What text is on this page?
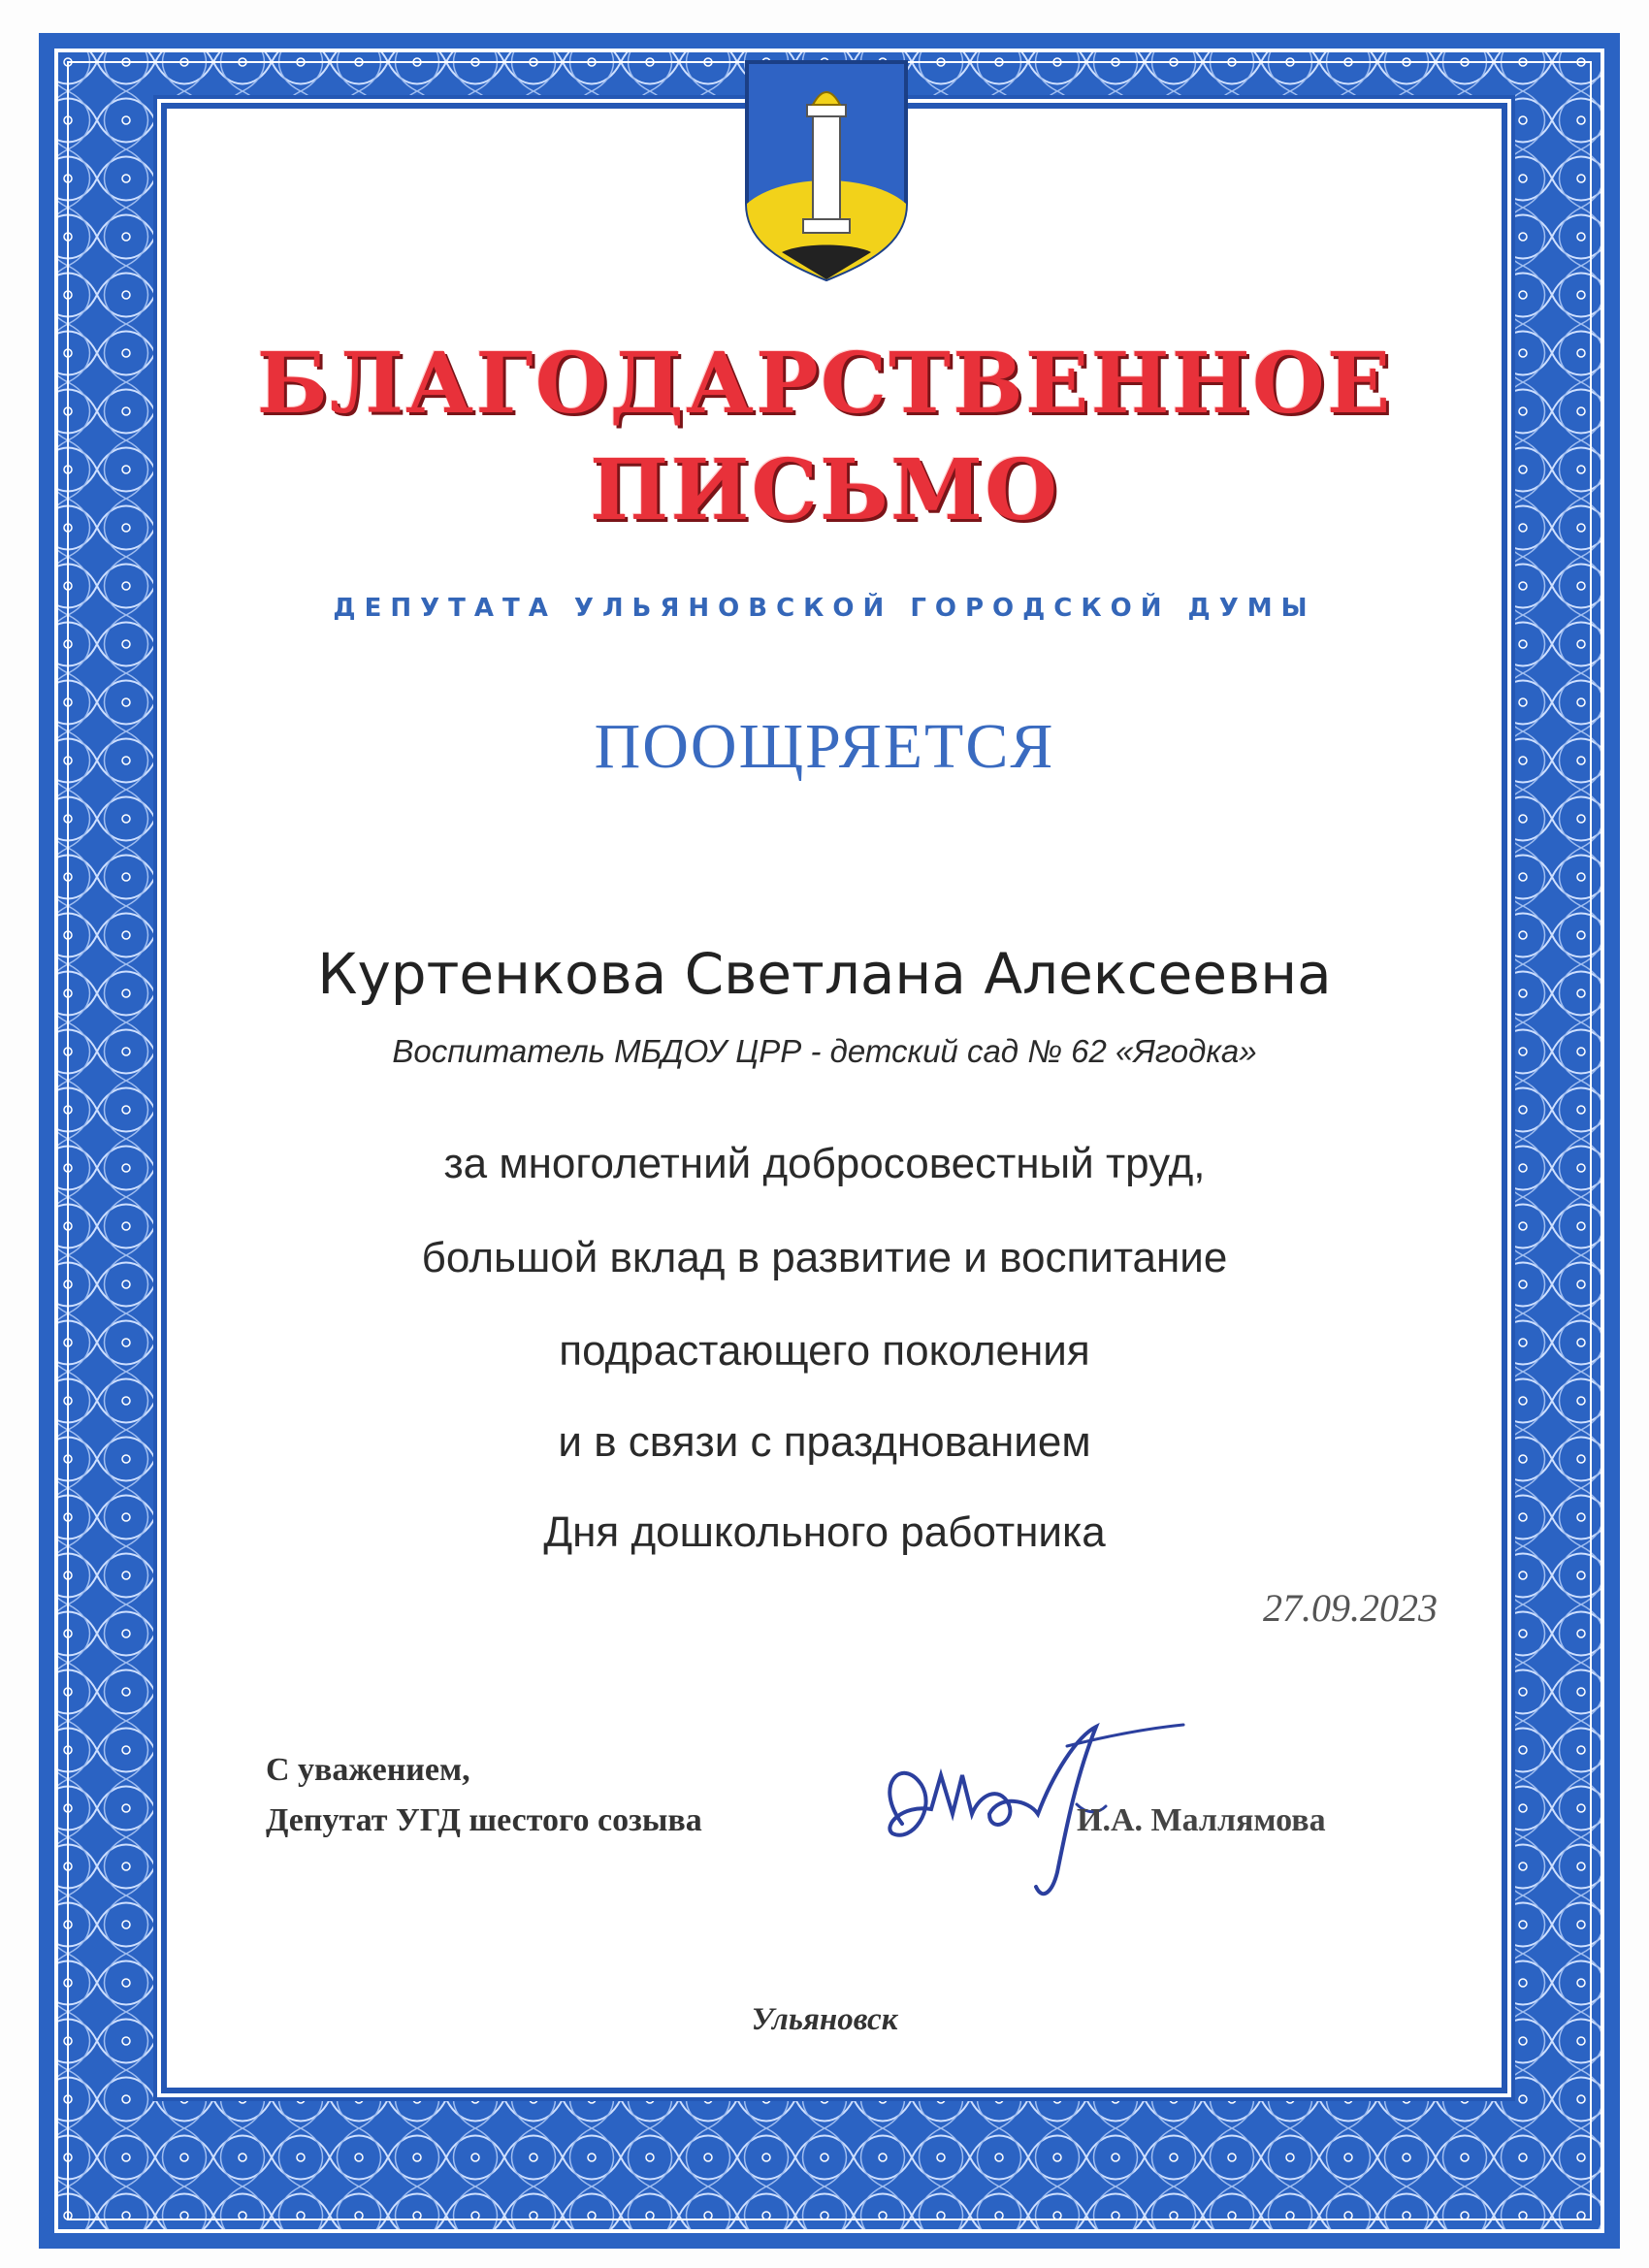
БЛАГОДАРСТВЕННОЕ
ПИСЬМО
ДЕПУТАТА УЛЬЯНОВСКОЙ ГОРОДСКОЙ ДУМЫ
ПООЩРЯЕТСЯ
Куртенкова Светлана Алексеевна
Воспитатель МБДОУ ЦРР - детский сад № 62 «Ягодка»
за многолетний добросовестный труд,
большой вклад в развитие и воспитание
подрастающего поколения
и в связи с празднованием
Дня дошкольного работника
27.09.2023
С уважением,
Депутат УГД шестого созыва	И.А. Маллямова
Ульяновск
